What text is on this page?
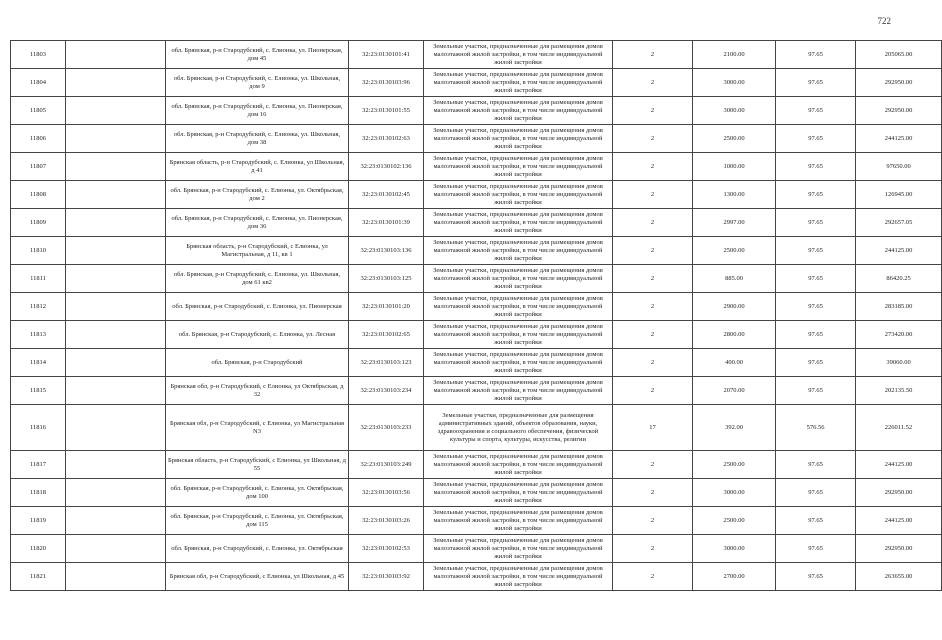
722
11803		обл. Брянская, р-н Стародубский, с. Елионка, ул. Пионерская, дом 45	32:23:0130101:41	Земельные участки, предназначенные для размещения домов малоэтажной жилой застройки, в том числе индивидуальной жилой застройки	2	2100.00	97.65	205065.00
11804		обл. Брянская, р-н Стародубский, с. Елионка, ул. Школьная, дом 9	32:23:0130103:96	Земельные участки, предназначенные для размещения домов малоэтажной жилой застройки, в том числе индивидуальной жилой застройки	2	3000.00	97.65	292950.00
11805		обл. Брянская, р-н Стародубский, с. Елионка, ул. Пионерская, дом 16	32:23:0130101:55	Земельные участки, предназначенные для размещения домов малоэтажной жилой застройки, в том числе индивидуальной жилой застройки	2	3000.00	97.65	292950.00
11806		обл. Брянская, р-н Стародубский, с. Елионка, ул. Школьная, дом 38	32:23:0130102:63	Земельные участки, предназначенные для размещения домов малоэтажной жилой застройки, в том числе индивидуальной жилой застройки	2	2500.00	97.65	244125.00
11807		Брянская область, р-н Стародубский, с. Елионка, ул Школьная, д 41	32:23:0130102:136	Земельные участки, предназначенные для размещения домов малоэтажной жилой застройки, в том числе индивидуальной жилой застройки	2	1000.00	97.65	97650.00
11808		обл. Брянская, р-н Стародубский, с. Елионка, ул. Октябрьская, дом 2	32:23:0130102:45	Земельные участки, предназначенные для размещения домов малоэтажной жилой застройки, в том числе индивидуальной жилой застройки	2	1300.00	97.65	126945.00
11809		обл. Брянская, р-н Стародубский, с. Елионка, ул. Пионерская, дом 36	32:23:0130101:39	Земельные участки, предназначенные для размещения домов малоэтажной жилой застройки, в том числе индивидуальной жилой застройки	2	2997.00	97.65	292657.05
11810		Брянская область, р-н Стародубский, с Елионка, ул Магистральная, д 11, кв 1	32:23:0130103:136	Земельные участки, предназначенные для размещения домов малоэтажной жилой застройки, в том числе индивидуальной жилой застройки	2	2500.00	97.65	244125.00
11811		обл. Брянская, р-н Стародубский, с. Елионка, ул. Школьная, дом 61 кв2	32:23:0130103:125	Земельные участки, предназначенные для размещения домов малоэтажной жилой застройки, в том числе индивидуальной жилой застройки	2	885.00	97.65	86420.25
11812		обл. Брянская, р-н Стародубский, с. Елионка, ул. Пионерская	32:23:0130101:20	Земельные участки, предназначенные для размещения домов малоэтажной жилой застройки, в том числе индивидуальной жилой застройки	2	2900.00	97.65	283185.00
11813		обл. Брянская, р-н Стародубский, с. Елионка, ул. Лесная	32:23:0130102:65	Земельные участки, предназначенные для размещения домов малоэтажной жилой застройки, в том числе индивидуальной жилой застройки	2	2800.00	97.65	273420.00
11814		обл. Брянская, р-н Стародубский	32:23:0130103:123	Земельные участки, предназначенные для размещения домов малоэтажной жилой застройки, в том числе индивидуальной жилой застройки	2	400.00	97.65	39060.00
11815		Брянская обл, р-н Стародубский, с Елионка, ул Октябрьская, д 32	32:23:0130103:234	Земельные участки, предназначенные для размещения домов малоэтажной жилой застройки, в том числе индивидуальной жилой застройки	2	2070.00	97.65	202135.50
11816		Брянская обл, р-н Стародубский, с Елионка, ул Магистральная N3	32:23:0130103:233	Земельные участки, предназначенные для размещения административных зданий, объектов образования, науки, здравоохранения и социального обеспечения, физической культуры и спорта, культуры, искусства, религии	17	392.00	576.56	226011.52
11817		Брянская область, р-н Стародубский, с Елионка, ул Школьная, д 55	32:23:0130103:249	Земельные участки, предназначенные для размещения домов малоэтажной жилой застройки, в том числе индивидуальной жилой застройки	2	2500.00	97.65	244125.00
11818		обл. Брянская, р-н Стародубский, с. Елионка, ул. Октябрьская, дом 100	32:23:0130103:56	Земельные участки, предназначенные для размещения домов малоэтажной жилой застройки, в том числе индивидуальной жилой застройки	2	3000.00	97.65	292950.00
11819		обл. Брянская, р-н Стародубский, с. Елионка, ул. Октябрьская, дом 115	32:23:0130103:26	Земельные участки, предназначенные для размещения домов малоэтажной жилой застройки, в том числе индивидуальной жилой застройки	2	2500.00	97.65	244125.00
11820		обл. Брянская, р-н Стародубский, с. Елионка, ул. Октябрьская	32:23:0130102:53	Земельные участки, предназначенные для размещения домов малоэтажной жилой застройки, в том числе индивидуальной жилой застройки	2	3000.00	97.65	292950.00
11821		Брянская обл, р-н Стародубский, с Елионка, ул Школьная, д 45	32:23:0130103:92	Земельные участки, предназначенные для размещения домов малоэтажной жилой застройки, в том числе индивидуальной жилой застройки	2	2700.00	97.65	263655.00
